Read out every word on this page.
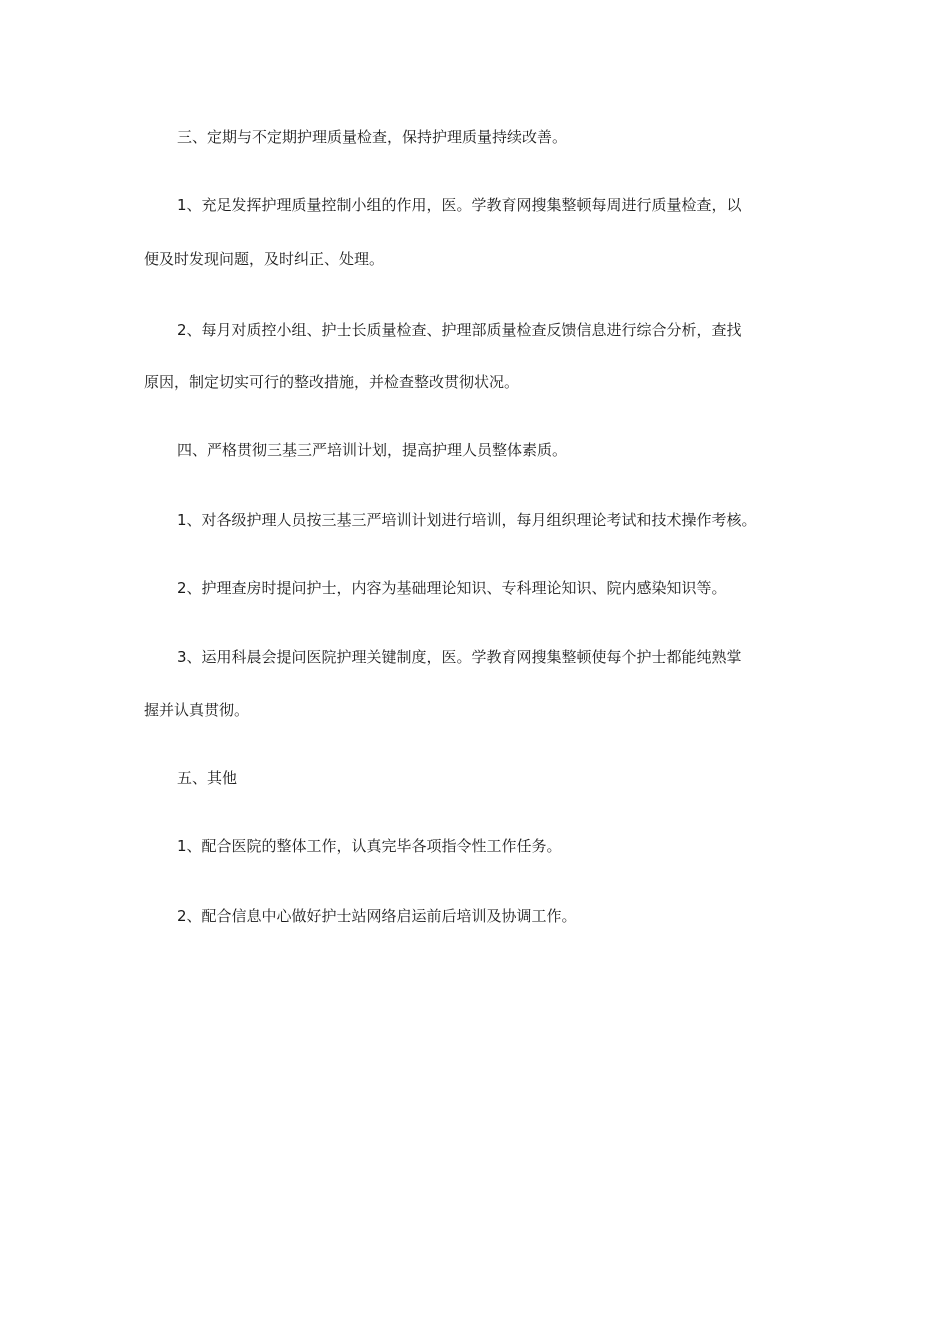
三、定期与不定期护理质量检查，保持护理质量持续改善。
1、充足发挥护理质量控制小组的作用，医。学教育网搜集整顿每周进行质量检查，以
便及时发现问题，及时纠正、处理。
2、每月对质控小组、护士长质量检查、护理部质量检查反馈信息进行综合分析，查找
原因，制定切实可行的整改措施，并检查整改贯彻状况。
四、严格贯彻三基三严培训计划，提高护理人员整体素质。
1、对各级护理人员按三基三严培训计划进行培训，每月组织理论考试和技术操作考核。
2、护理查房时提问护士，内容为基础理论知识、专科理论知识、院内感染知识等。
3、运用科晨会提问医院护理关键制度，医。学教育网搜集整顿使每个护士都能纯熟掌
握并认真贯彻。
五、其他
1、配合医院的整体工作，认真完毕各项指令性工作任务。
2、配合信息中心做好护士站网络启运前后培训及协调工作。
